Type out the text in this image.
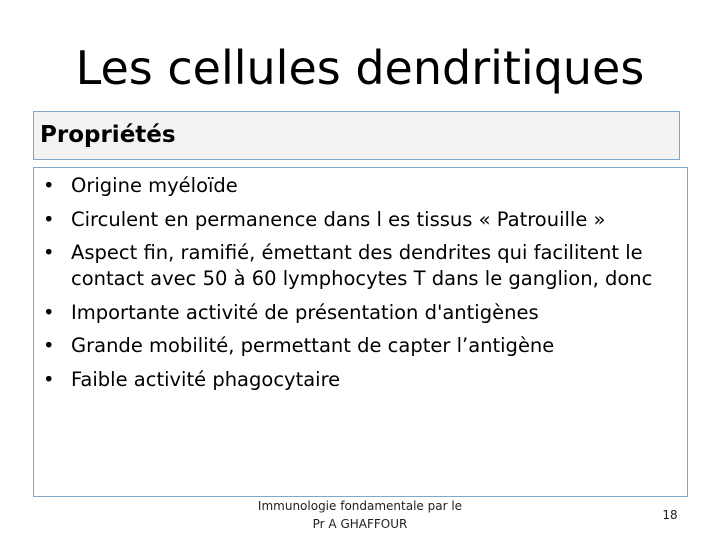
Les cellules dendritiques
Propriétés
• Origine myéloïde
• Circulent en permanence dans l es tissus « Patrouille »
• Aspect fin, ramifié, émettant des dendrites qui facilitent le contact avec 50 à 60 lymphocytes T dans le ganglion, donc
• Importante activité de présentation d'antigènes
• Grande mobilité, permettant de capter l’antigène
• Faible activité phagocytaire
Immunologie fondamentale par le
Pr A GHAFFOUR
18
